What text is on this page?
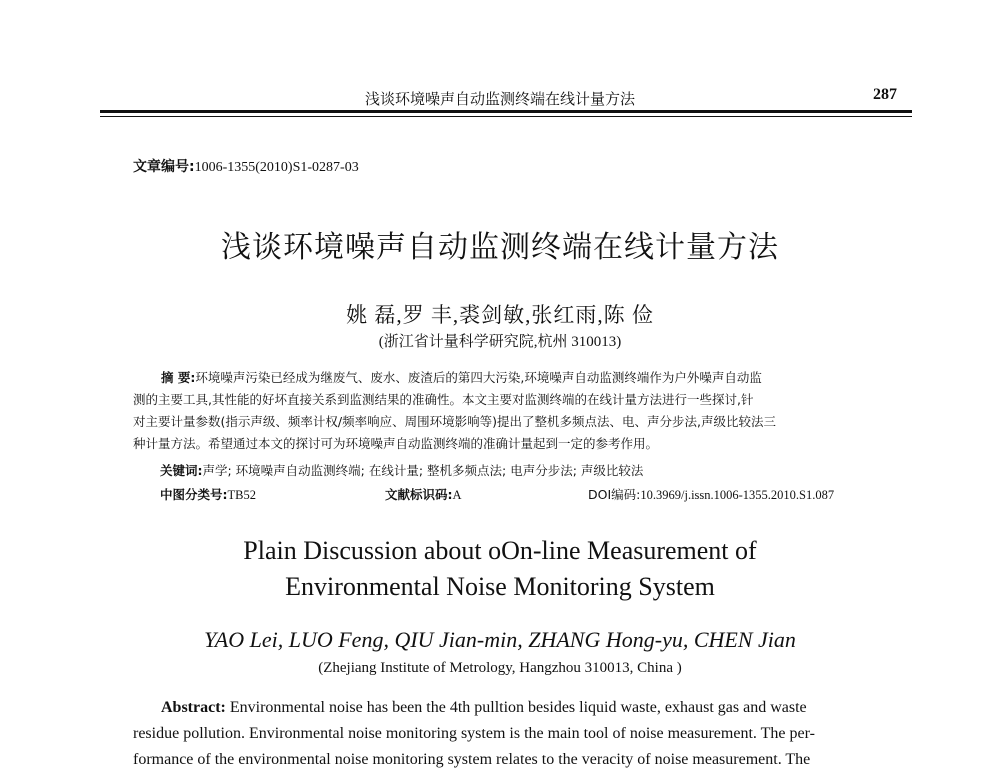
浅谈环境噪声自动监测终端在线计量方法	287
文章编号:1006-1355(2010)S1-0287-03
浅谈环境噪声自动监测终端在线计量方法
姚 磊,罗 丰,裘剑敏,张红雨,陈 俭
(浙江省计量科学研究院,杭州 310013)
摘 要:环境噪声污染已经成为继废气、废水、废渣后的第四大污染,环境噪声自动监测终端作为户外噪声自动监
测的主要工具,其性能的好坏直接关系到监测结果的准确性。本文主要对监测终端的在线计量方法进行一些探讨,针
对主要计量参数(指示声级、频率计权/频率响应、周围环境影响等)提出了整机多频点法、电、声分步法,声级比较法三
种计量方法。希望通过本文的探讨可为环境噪声自动监测终端的准确计量起到一定的参考作用。
关键词:声学; 环境噪声自动监测终端; 在线计量; 整机多频点法; 电声分步法; 声级比较法
中图分类号:TB52	文献标识码:A	DOI编码:10.3969/j.issn.1006-1355.2010.S1.087
Plain Discussion about oOn-line Measurement of
Environmental Noise Monitoring System
YAO Lei, LUO Feng, QIU Jian-min, ZHANG Hong-yu, CHEN Jian
(Zhejiang Institute of Metrology, Hangzhou 310013, China )
Abstract: Environmental noise has been the 4th pulltion besides liquid waste, exhaust gas and waste
residue pollution. Environmental noise monitoring system is the main tool of noise measurement. The per-
formance of the environmental noise monitoring system relates to the veracity of noise measurement. The
